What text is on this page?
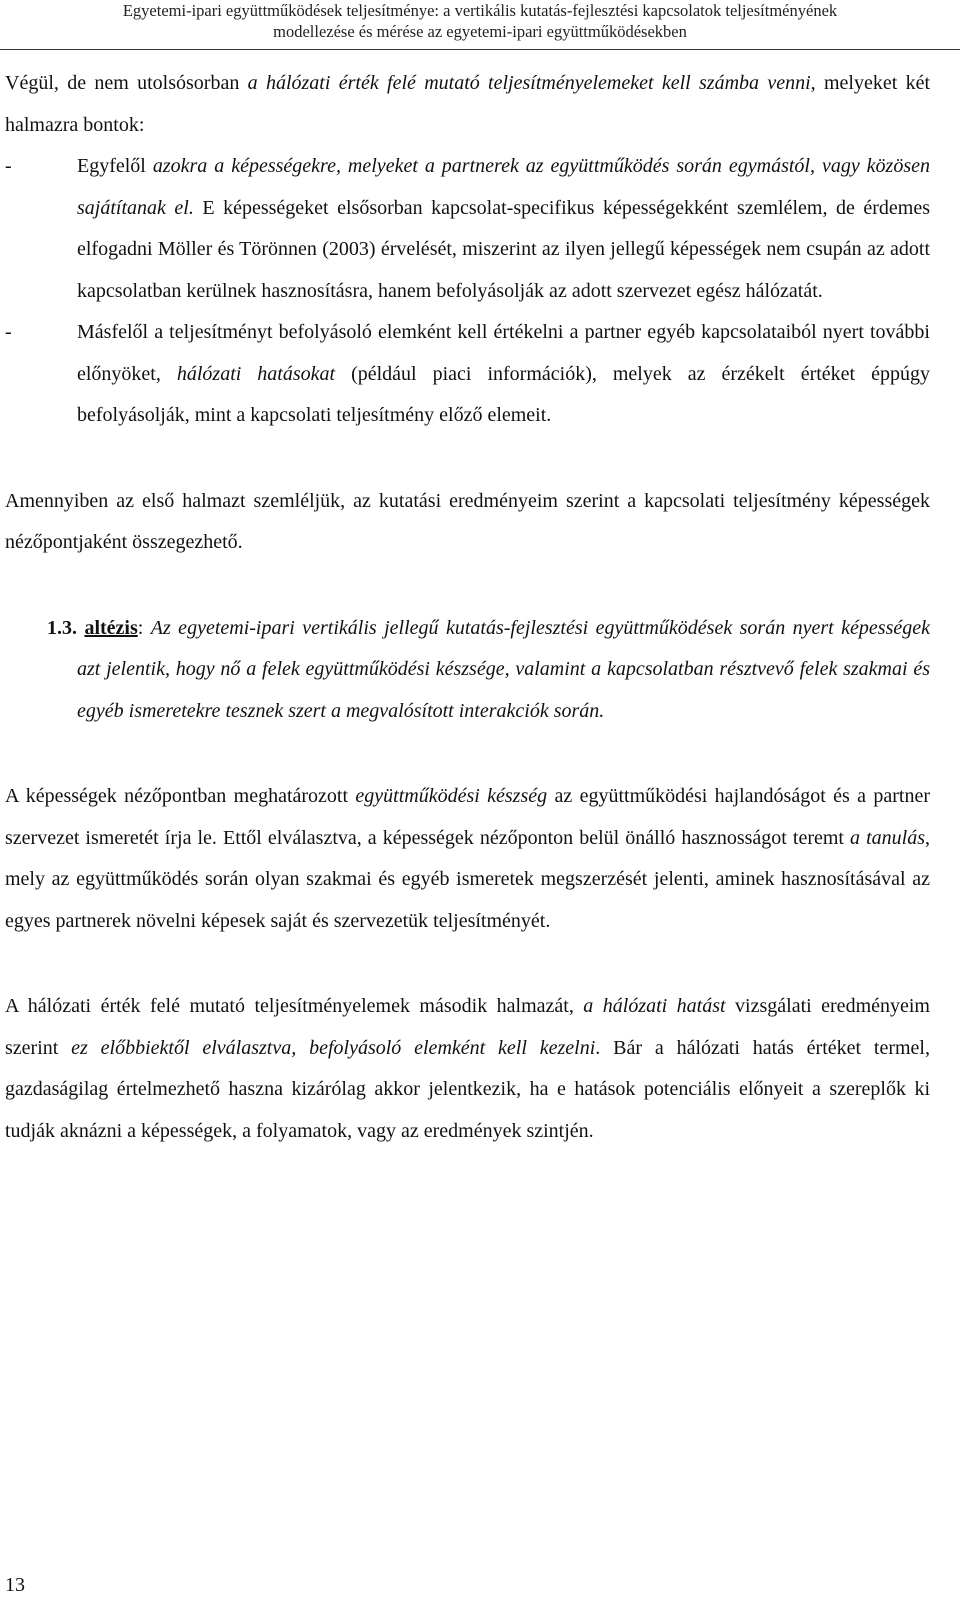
Egyetemi-ipari együttműködések teljesítménye: a vertikális kutatás-fejlesztési kapcsolatok teljesítményének
modellezése és mérése az egyetemi-ipari együttműködésekben

Végül, de nem utolsósorban a hálózati érték felé mutató teljesítményelemeket kell számba venni, melyeket két halmazra bontok:

-	Egyfelől azokra a képességekre, melyeket a partnerek az együttműködés során egymástól, vagy közösen sajátítanak el. E képességeket elsősorban kapcsolat-specifikus képességekként szemlélem, de érdemes elfogadni Möller és Törönnen (2003) érvelését, miszerint az ilyen jellegű képességek nem csupán az adott kapcsolatban kerülnek hasznosításra, hanem befolyásolják az adott szervezet egész hálózatát.

-	Másfelől a teljesítményt befolyásoló elemként kell értékelni a partner egyéb kapcsolataiból nyert további előnyöket, hálózati hatásokat (például piaci információk), melyek az érzékelt értéket éppúgy befolyásolják, mint a kapcsolati teljesítmény előző elemeit.

Amennyiben az első halmazt szemléljük, az kutatási eredményeim szerint a kapcsolati teljesítmény képességek nézőpontjaként összegezhető.

1.3. altézis: Az egyetemi-ipari vertikális jellegű kutatás-fejlesztési együttműködések során nyert képességek azt jelentik, hogy nő a felek együttműködési készsége, valamint a kapcsolatban résztvevő felek szakmai és egyéb ismeretekre tesznek szert a megvalósított interakciók során.

A képességek nézőpontban meghatározott együttműködési készség az együttműködési hajlandóságot és a partner szervezet ismeretét írja le. Ettől elválasztva, a képességek nézőponton belül önálló hasznosságot teremt a tanulás, mely az együttműködés során olyan szakmai és egyéb ismeretek megszerzését jelenti, aminek hasznosításával az egyes partnerek növelni képesek saját és szervezetük teljesítményét.

A hálózati érték felé mutató teljesítményelemek második halmazát, a hálózati hatást vizsgálati eredményeim szerint ez előbbiektől elválasztva, befolyásoló elemként kell kezelni. Bár a hálózati hatás értéket termel, gazdaságilag értelmezhető haszna kizárólag akkor jelentkezik, ha e hatások potenciális előnyeit a szereplők ki tudják aknázni a képességek, a folyamatok, vagy az eredmények szintjén.

13
